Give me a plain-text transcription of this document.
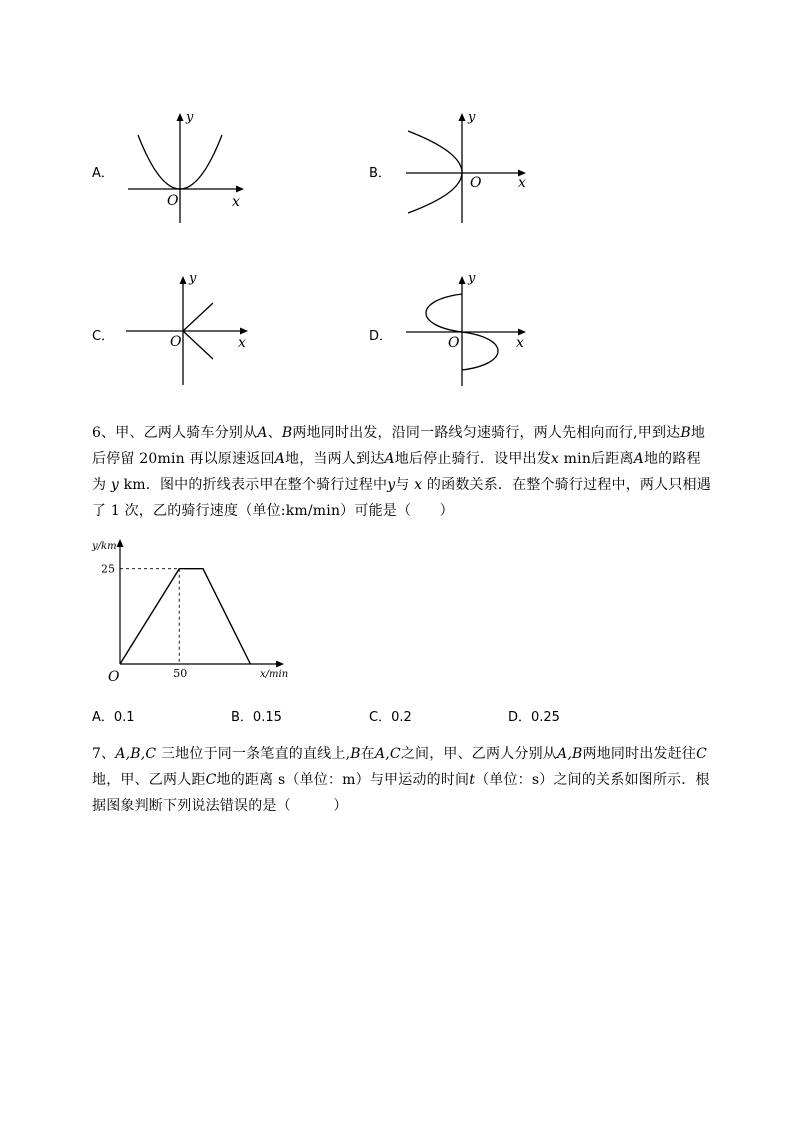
A．
y
x
O
B．
y
x
O
C．
y
x
O	D．
y
x
O
6、甲、乙两人骑车分别从A、B两地同时出发，沿同一路线匀速骑行，两人先相向而行,甲到达B地
后停留 20min 再以原速返回A地，当两人到达A地后停止骑行．设甲出发x min后距离A地的路程
为 y km．图中的折线表示甲在整个骑行过程中y与 x 的函数关系．在整个骑行过程中，两人只相遇
了 1 次，乙的骑行速度（单位:km/min）可能是（　　）
y/km
x/min
O
25
50
A．0.1	B．0.15	C．0.2	D．0.25
7、A,B,C 三地位于同一条笔直的直线上,B在A,C之间，甲、乙两人分别从A,B两地同时出发赶往C
地，甲、乙两人距C地的距离 s（单位：m）与甲运动的时间t（单位：s）之间的关系如图所示．根
据图象判断下列说法错误的是（　　　）
